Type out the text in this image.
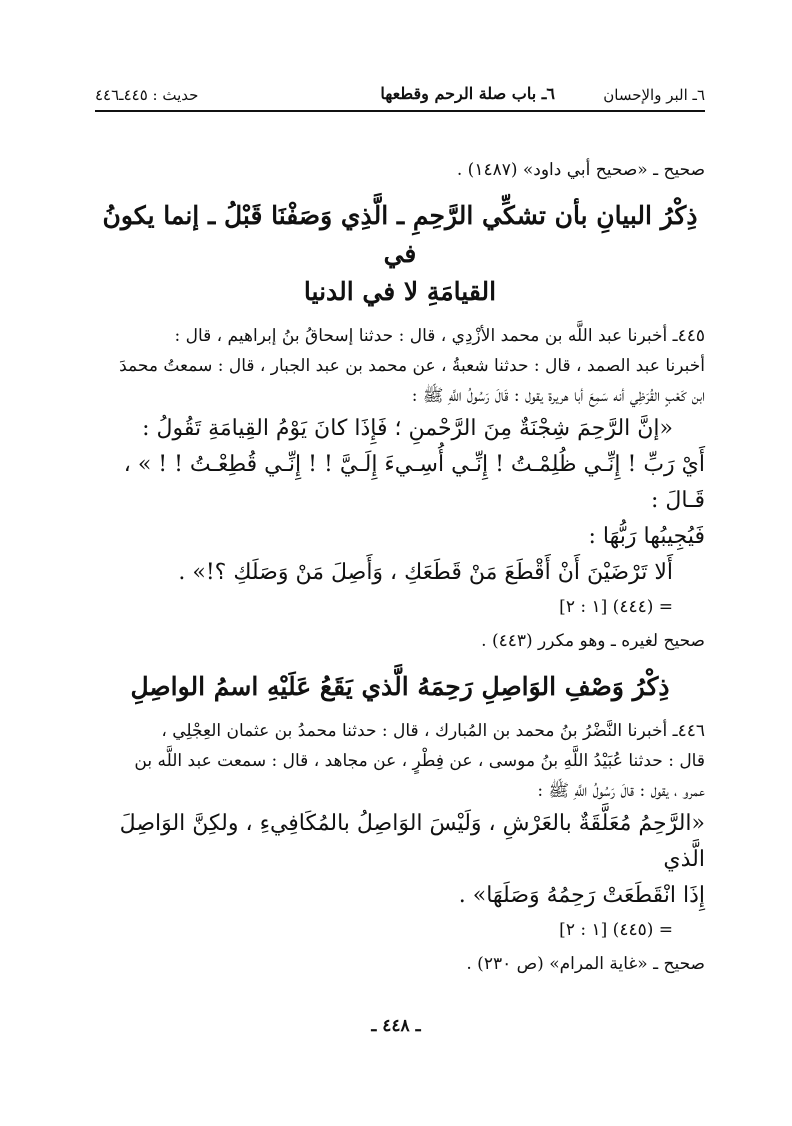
٦ـ البر والإحسان
٦ـ باب صلة الرحم وقطعها
حديث : ٤٤٥ـ٤٤٦

صحيح ـ «صحيح أبي داود» (١٤٨٧) .

ذِكْرُ البيانِ بأن تشكِّي الرَّحِمِ ـ الَّذِي وَصَفْنَا قَبْلُ ـ إنما يكونُ في
القيامَةِ لا في الدنيا

٤٤٥ـ أخبرنا عبد اللَّه بن محمد الأزْدِي ، قال : حدثنا إسحاقُ بنُ إبراهيم ، قال :

أخبرنا عبد الصمد ، قال : حدثنا شعبةُ ، عن محمد بن عبد الجبار ، قال : سمعتُ محمدَ

ابن كَعْبٍ القُرَظِي أنه سَمِعَ أبا هريرة يقول : قَالَ رَسُولُ اللَّهِ ﷺ :

«إنَّ الرَّحِمَ شِجْنَةٌ مِنَ الرَّحْمنِ ؛ فَإِذَا كانَ يَوْمُ القِيامَةِ تَقُولُ :

أَيْ رَبِّ ! إِنِّـي ظُلِمْـتُ ! إِنِّـي أُسِـيءَ إِلَـيَّ ! ! إِنِّـي قُطِعْـتُ ! ! » ، قَـالَ :

فَيُجِيبُها رَبُّهَا :

أَلا تَرْضَيْنَ أَنْ أَقْطَعَ مَنْ قَطَعَكِ ، وَأَصِلَ مَنْ وَصَلَكِ ؟!» .

= (٤٤٤) [١ : ٢]

صحيح لغيره ـ وهو مكرر (٤٤٣) .

ذِكْرُ وَصْفِ الوَاصِلِ رَحِمَهُ الَّذي يَقَعُ عَلَيْهِ اسمُ الواصِلِ

٤٤٦ـ أخبرنا النَّضْرُ بنُ محمد بن المُبارك ، قال : حدثنا محمدُ بن عثمان العِجْلِي ،

قال : حدثنا عُبَيْدُ اللَّهِ بنُ موسى ، عن فِطْرٍ ، عن مجاهد ، قال : سمعت عبد اللَّه بن

عمرو ، يقول : قالَ رَسُولُ اللَّهِ ﷺ :

«الرَّحِمُ مُعَلَّقَةٌ بالعَرْشِ ، وَلَيْسَ الوَاصِلُ بالمُكَافِيءِ ، ولكِنَّ الوَاصِلَ الَّذي

إِذَا انْقَطَعَتْ رَحِمُهُ وَصَلَهَا» .

= (٤٤٥) [١ : ٢]

صحيح ـ «غاية المرام» (ص ٢٣٠) .

ـ ٤٤٨ ـ
